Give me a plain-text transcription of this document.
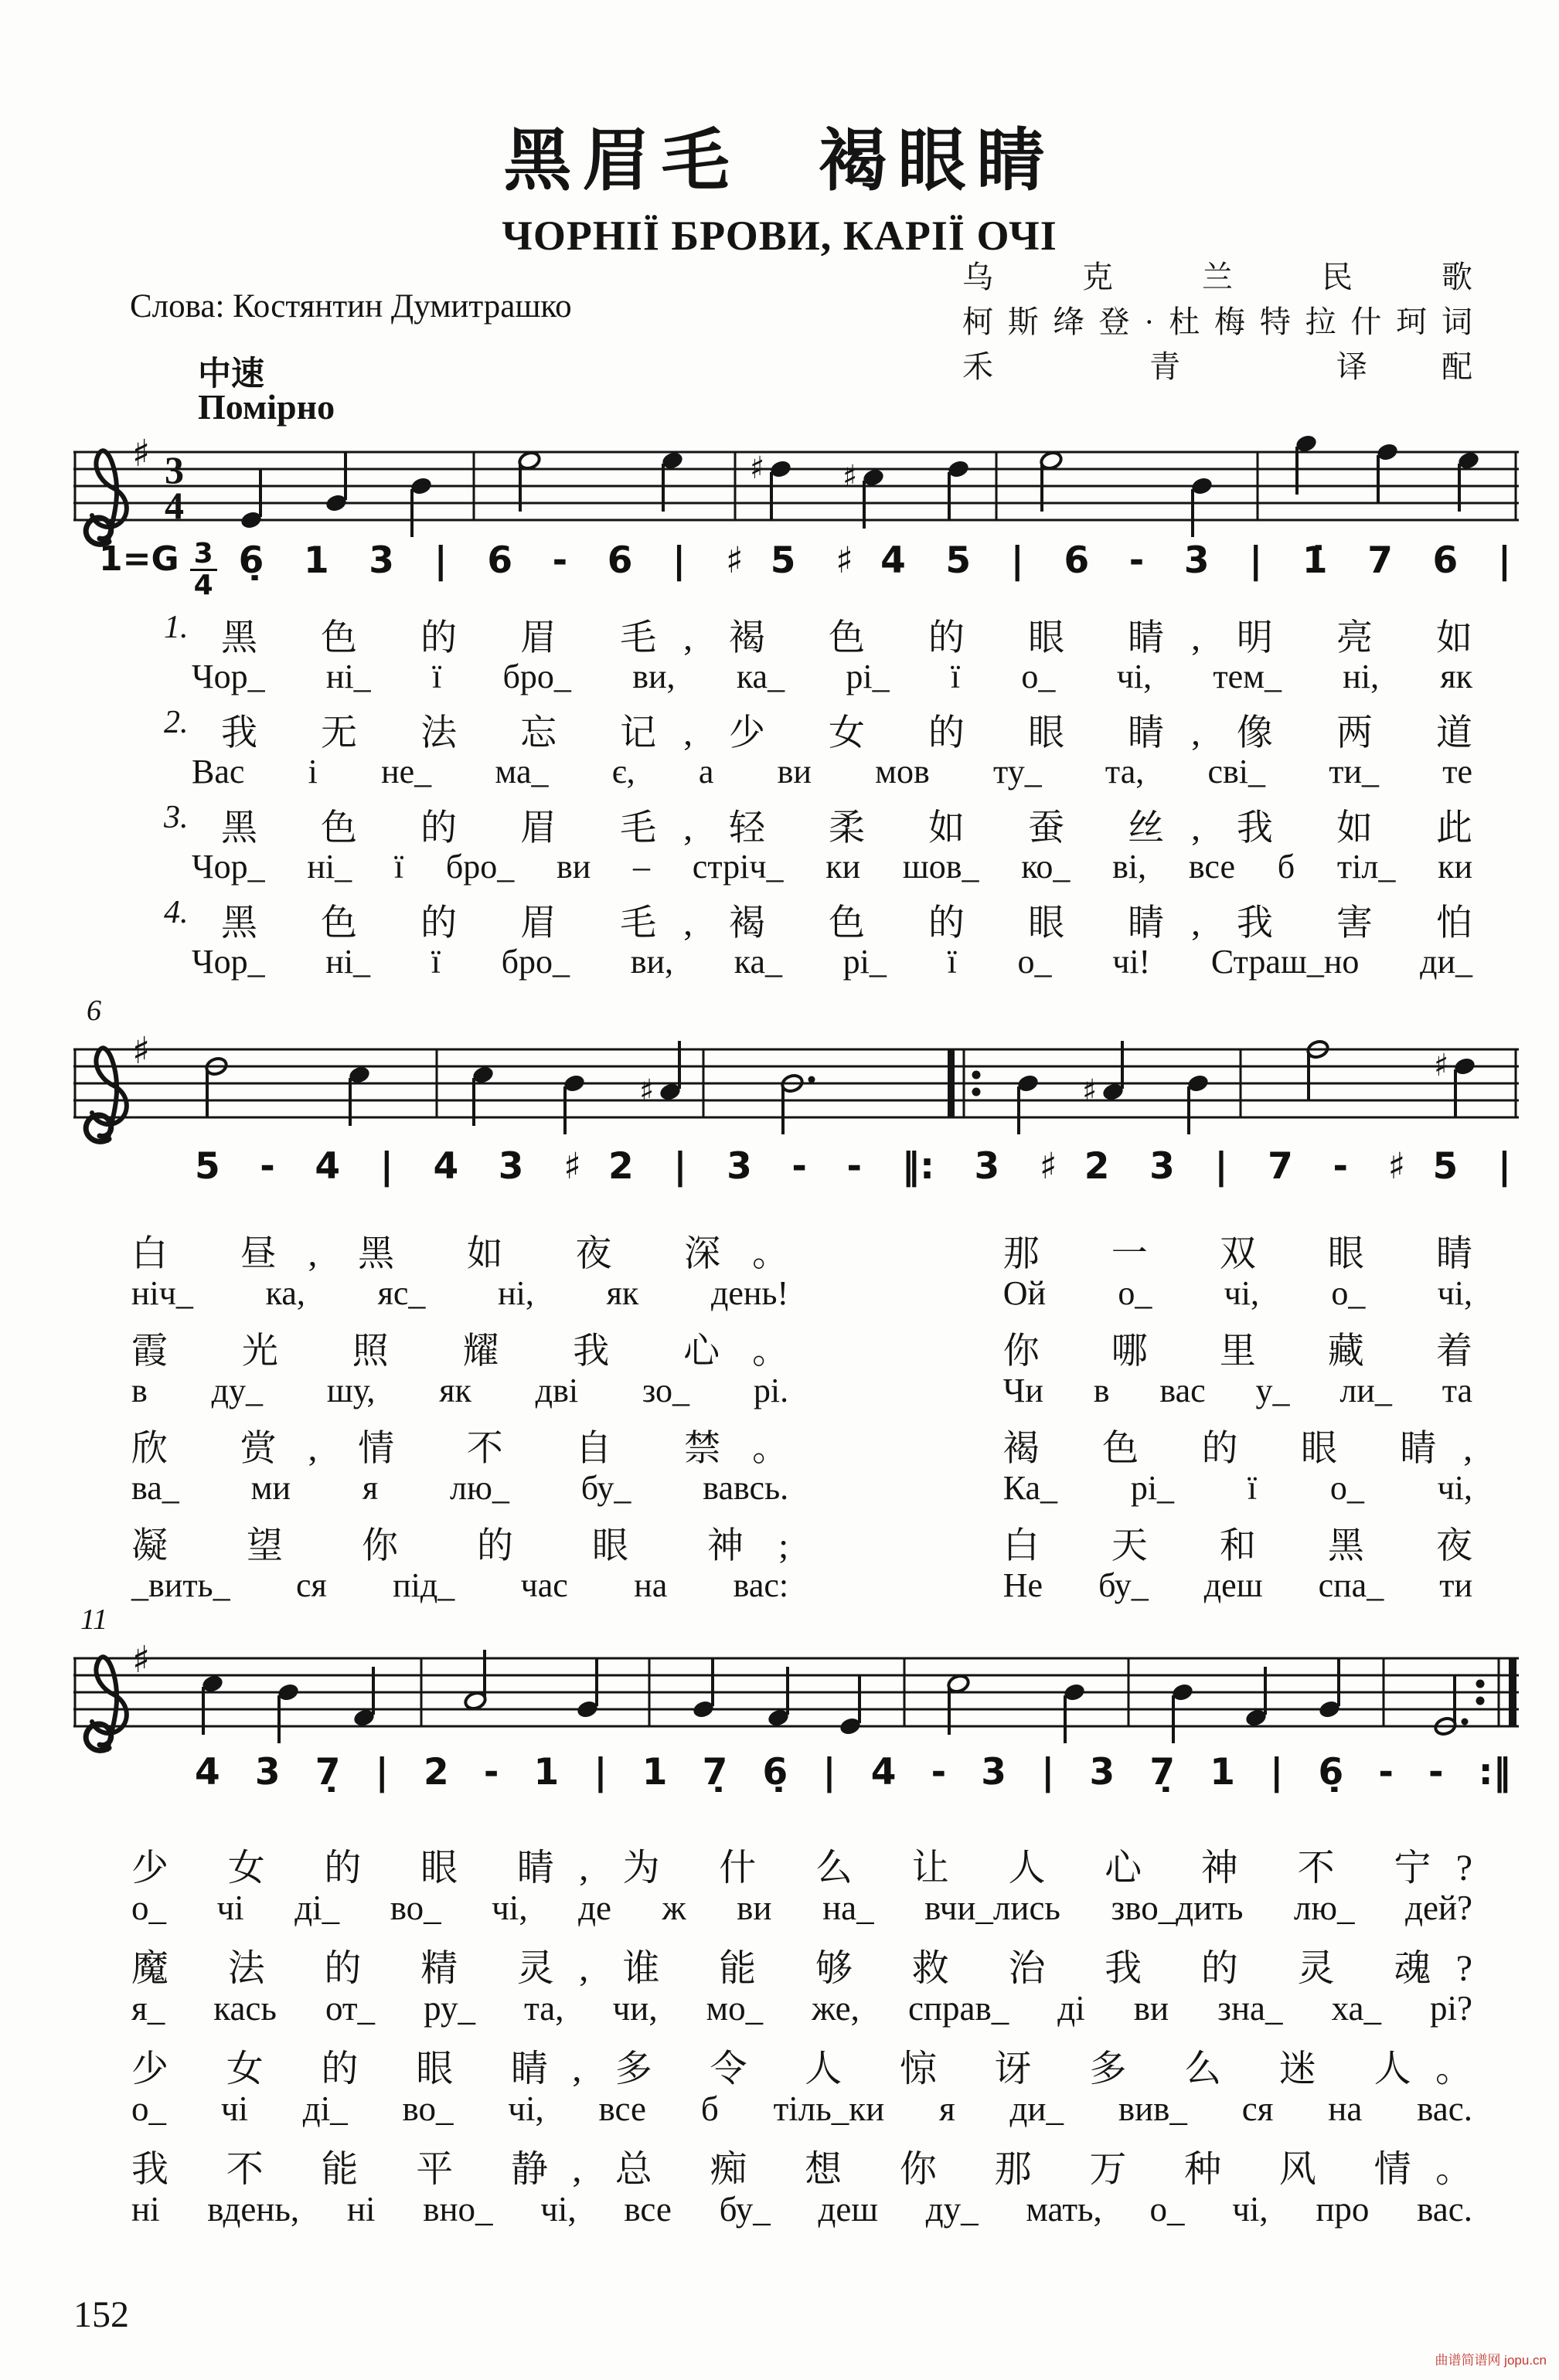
黑眉毛　褐眼睛
ЧОРНІЇ БРОВИ, КАРІЇ ОЧІ
Слова: Костянтин Думитрашко
乌 克 兰 民 歌
柯斯绛登·杜梅特拉什珂词
禾 青 译配
中速
Помірно
♯ 3
4
♯	♯
$1=G \frac{3}{4}$ 6̣ 1 3 | 6 - 6 | ♯5 ♯4 5 | 6 - 3 | 1̇ 7 6 |
1. 黑 色 的 眉 毛, 褐 色 的 眼 睛, 明 亮 如
Чор_ ні_ ї бро_ ви, ка_ рі_ ї о_ чі, тем_ ні, як
2. 我 无 法 忘 记, 少 女 的 眼 睛, 像 两 道
Вас і не_ ма_ є, а ви мов ту_ та, сві_ ти_ те
3. 黑 色 的 眉 毛, 轻 柔 如 蚕 丝, 我 如 此
Чор_ ні_ ї бро_ ви – стріч_ ки шов_ ко_ ві, все б тіл_ ки
4. 黑 色 的 眉 毛, 褐 色 的 眼 睛, 我 害 怕
Чор_ ні_ ї бро_ ви, ка_ рі_ ї о_ чі! Страш_но ди_
6
♯
♯	♯
♯
5 - 4 | 4 3 ♯2 | 3 - - ‖: 3 ♯2 3 | 7 - ♯5 |
白 昼, 黑 如 夜 深。	那 一 双 眼 睛
ніч_ ка, яс_ ні, як день!	Ой о_ чі, о_ чі,
霞 光 照 耀 我 心。	你 哪 里 藏 着
в ду_ шу, як дві зо_ рі.	Чи в вас у_ ли_ та
欣 赏, 情 不 自 禁。	褐 色 的 眼 睛,
ва_ ми я лю_ бу_ вавсь.	Ка_ рі_ ї о_ чі,
凝 望 你 的 眼 神;	白 天 和 黑 夜
_вить_ ся під_ час на вас:	Не бу_ деш спа_ ти
11
♯
4 3 7̣ | 2 - 1 | 1 7̣ 6̣ | 4 - 3 | 3 7̣ 1 | 6̣ - - :‖
少 女 的 眼 睛, 为 什 么 让 人 心 神 不 宁?
о_ чі ді_ во_ чі, де ж ви на_ вчи_лись зво_дить лю_ дей?
魔 法 的 精 灵, 谁 能 够 救 治 我 的 灵 魂?
я_ кась от_ ру_ та, чи, мо_ же, справ_ ді ви зна_ ха_ рі?
少 女 的 眼 睛, 多 令 人 惊 讶 多 么 迷 人。
о_ чі ді_ во_ чі, все б тіль_ки я ди_ вив_ ся на вас.
我 不 能 平 静, 总 痴 想 你 那 万 种 风 情。
ні вдень, ні вно_ чі, все бу_ деш ду_ мать, о_ чі, про вас.
152
曲谱简谱网 jopu.cn
